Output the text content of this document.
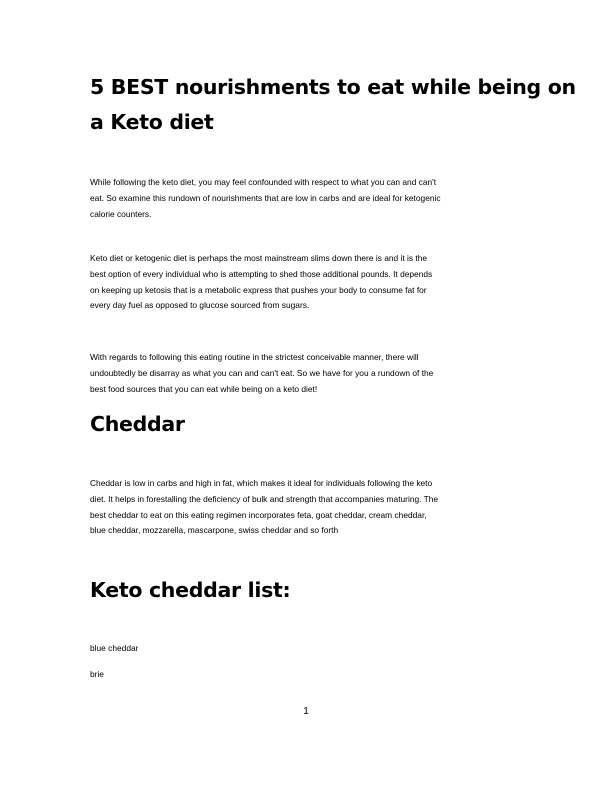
5 BEST nourishments to eat while being on
a Keto diet
While following the keto diet, you may feel confounded with respect to what you can and can't
eat. So examine this rundown of nourishments that are low in carbs and are ideal for ketogenic
calorie counters.
Keto diet or ketogenic diet is perhaps the most mainstream slims down there is and it is the
best option of every individual who is attempting to shed those additional pounds. It depends
on keeping up ketosis that is a metabolic express that pushes your body to consume fat for
every day fuel as opposed to glucose sourced from sugars.
With regards to following this eating routine in the strictest conceivable manner, there will
undoubtedly be disarray as what you can and can't eat. So we have for you a rundown of the
best food sources that you can eat while being on a keto diet!
Cheddar
Cheddar is low in carbs and high in fat, which makes it ideal for individuals following the keto
diet. It helps in forestalling the deficiency of bulk and strength that accompanies maturing. The
best cheddar to eat on this eating regimen incorporates feta, goat cheddar, cream cheddar,
blue cheddar, mozzarella, mascarpone, swiss cheddar and so forth
Keto cheddar list:
blue cheddar
brie
1
